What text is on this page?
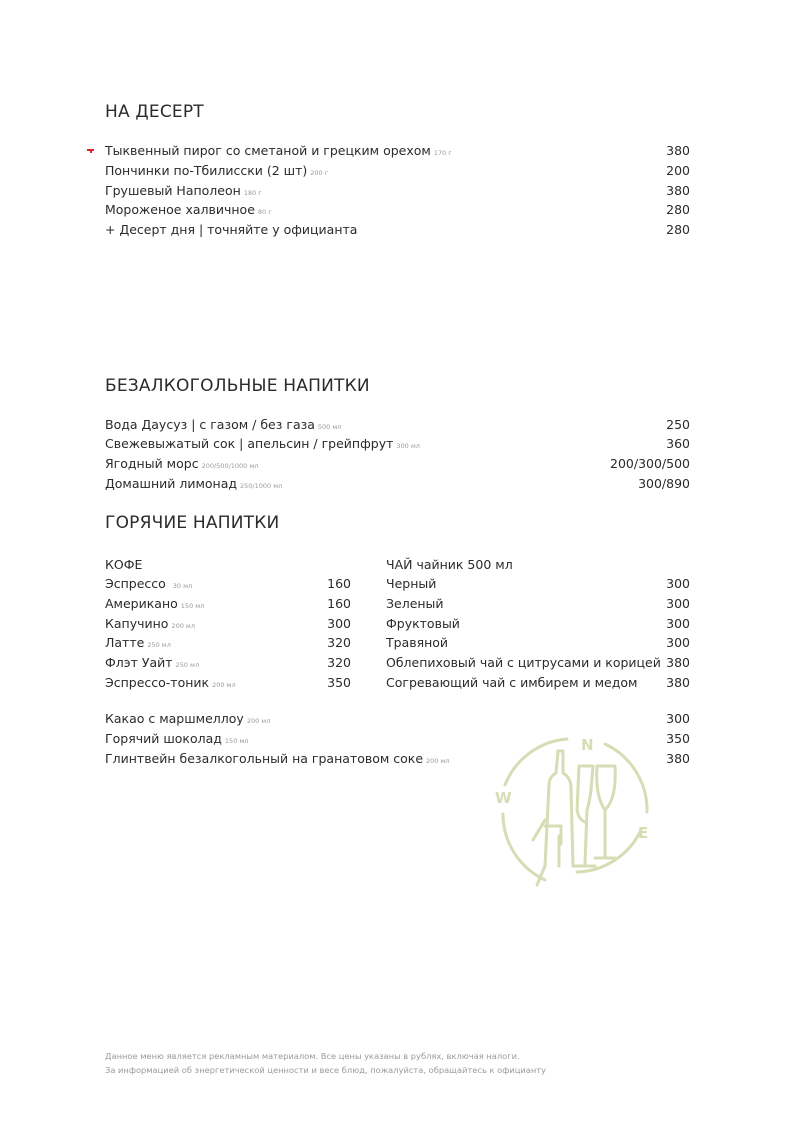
НА ДЕСЕРТ
Тыквенный пирог со сметаной и грецким орехом 170 г	380
Пончинки по-Тбилисски (2 шт) 200 г	200
Грушевый Наполеон 180 г	380
Мороженое халвичное 80 г	280
+ Десерт дня | точняйте у официанта	280
БЕЗАЛКОГОЛЬНЫЕ НАПИТКИ
Вода Даусуз | с газом / без газа 500 мл	250
Свежевыжатый сок | апельсин / грейпфрут 300 мл	360
Ягодный морс 200/500/1000 мл	200/300/500
Домашний лимонад 250/1000 мл	300/890
ГОРЯЧИЕ НАПИТКИ
КОФЕ
Эспрессо 30 мл	160
Американо 150 мл	160
Капучино 200 мл	300
Латте 250 мл	320
Флэт Уайт 250 мл	320
Эспрессо-тоник 200 мл	350
ЧАЙ чайник 500 мл
Черный	300
Зеленый	300
Фруктовый	300
Травяной	300
Облепиховый чай с цитрусами и корицей 380
Согревающий чай с имбирем и медом 380
Какао с маршмеллоу 200 мл	300
Горячий шоколад 150 мл	350
Глинтвейн безалкогольный на гранатовом соке 200 мл	380
N
W
E
Данное меню является рекламным материалом. Все цены указаны в рублях, включая налоги.
За информацией об энергетической ценности и весе блюд, пожалуйста, обращайтесь к официанту
